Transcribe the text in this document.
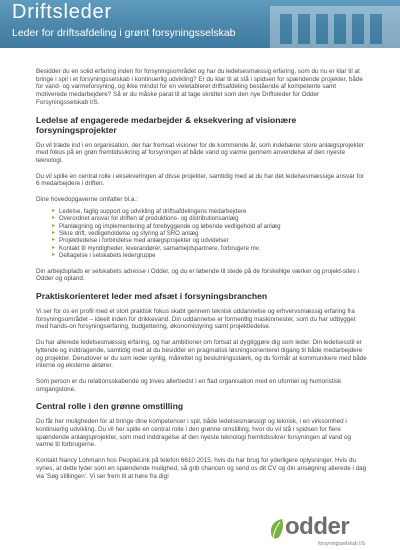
Driftsleder
Leder for driftsafdeling i grønt forsyningsselskab

Besidder du en solid erfaring inden for forsyningsområdet og har du ledelsesmæssig erfaring, som du nu er klar til at bringe i spil i et forsyningsselskab i kontinuerlig udvikling? Er du klar til at stå i spidsen for spændende projekter, både for vand- og varmeforsyning, og ikke mindst for en veletableret driftsafdeling bestående af kompetente samt motiverede medarbejdere? Så er du måske parat til at tage skridtet som den nye Driftsleder for Odder Forsyningsselskab I/S.

Ledelse af engagerede medarbejder & eksekvering af visionære forsyningsprojekter

Du vil træde ind i en organisation, der har fremsat visioner for de kommende år, som indebærer store anlægsprojekter med fokus på en grøn fremtidssikring af forsyningen af både vand og varme gennem anvendelse af den nyeste teknologi.

Du vil spille en central rolle i eksekveringen af disse projekter, samtidig med at du har det ledelsesmæssige ansvar for 6 medarbejdere i driften.

Dine hovedopgaverne omfatter bl.a.:

▸ Ledelse, faglig support og udvikling af driftsafdelingens medarbejdere
▸ Overordnet ansvar for driften af produktions- og distributionsanlæg
▸ Planlægning og implementering af forebyggende og løbende vedligehold af anlæg
▸ Sikre drift, vedligeholdelse og styring af SRO anlæg
▸ Projektledelse i forbindelse med anlægsprojekter og udvidelser
▸ Kontakt til myndigheder, leverandører, samarbejdspartnere, forbrugere mv.
▸ Deltagelse i selskabets ledergruppe

Din arbejdsplads er selskabets adresse i Odder, og du er løbende til stede på de forskellige værker og projekt-sites i Odder og opland.

Praktiskorienteret leder med afsæt i forsyningsbranchen

Vi ser for os en profil med et stort praktisk fokus skabt gennem teknisk uddannelse og erhvervsmæssig erfaring fra forsyningsområdet – ideelt inden for drikkevand. Din uddannelse er formentlig maskinmester, som du har udbygget med hands-on forsyningserfaring, budgettering, økonomistyring samt projektledelse.

Du har allerede ledelsesmæssig erfaring, og har ambitioner om fortsat at dygtiggøre dig som leder. Din ledelsesstil er lyttende og inddragende, samtidig med at du besidder en pragmatisk løsningsorienteret tilgang til både medarbejdere og projekter. Derudover er du som leder synlig, målrettet og beslutningsstærk, og du formår at kommunikere med både interne og eksterne aktører.

Som person er du relationsskabende og trives allerbedst i en flad organisation med en uformel og humoristisk omgangstone.

Central rolle i den grønne omstilling

Du får her muligheden for at bringe dine kompetencer i spil, både ledelsesmæssigt og teknisk, i en virksomhed i kontinuerlig udvikling. Du vil her spille en central rolle i den grønne omstilling, hvor du vil stå i spidsen for flere spændende anlægsprojekter, som med inddragelse af den nyeste teknologi fremtidssikrer forsyningen af vand og varme til forbrugerne.

Kontakt Nancy Lohmann hos PeopleLink på telefon 6610 2015, hvis du har brug for yderligere oplysninger. Hvis du synes, at dette lyder som en spændende mulighed, så grib chancen og send os dit CV og din ansøgning allerede i dag via 'Søg stillingen'. Vi ser frem til at høre fra dig!

odder
forsyningsselskab I/S
